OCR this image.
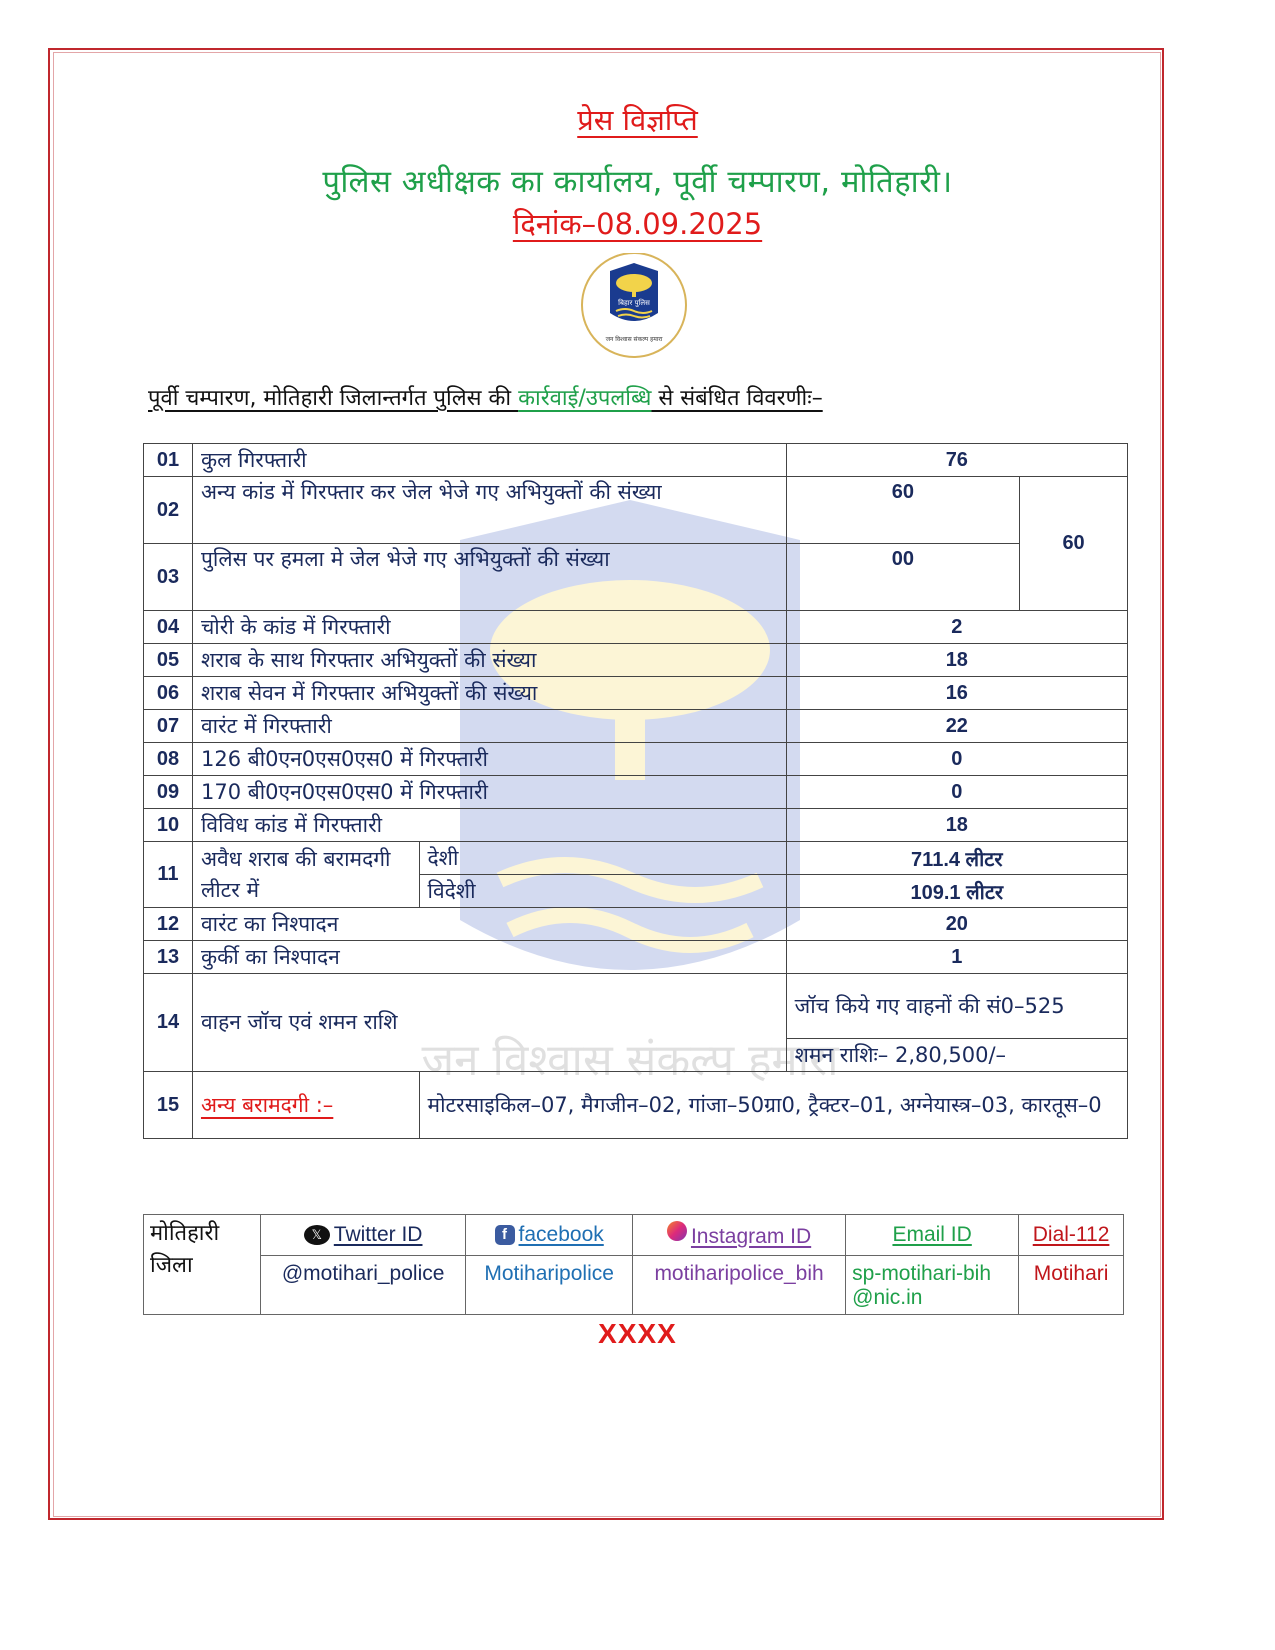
प्रेस विज्ञप्ति
पुलिस अधीक्षक का कार्यालय, पूर्वी चम्पारण, मोतिहारी।
दिनांक–08.09.2025
बिहार पुलिस
जन विश्वास संकल्प हमारा
पूर्वी चम्पारण, मोतिहारी जिलान्तर्गत पुलिस की कार्रवाई/उपलब्धि से संबंधित विवरणीः–
जन विश्वास संकल्प हमारा
01	कुल गिरफ्तारी		76	
02	अन्य कांड में गिरफ्तार कर जेल भेजे गए अभियुक्तों की संख्या		60	60
03	पुलिस पर हमला मे जेल भेजे गए अभियुक्तों की संख्या		00	
04	चोरी के कांड में गिरफ्तारी		2	
05	शराब के साथ गिरफ्तार अभियुक्तों की संख्या		18	
06	शराब सेवन में गिरफ्तार अभियुक्तों की संख्या		16	
07	वारंट में गिरफ्तारी		22	
08	126 बी0एन0एस0एस0 में गिरफ्तारी		0	
09	170 बी0एन0एस0एस0 में गिरफ्तारी		0	
10	विविध कांड में गिरफ्तारी		18	
11	अवैध शराब की बरामदगी लीटर में	देशी	711.4 लीटर	
		विदेशी	109.1 लीटर	
12	वारंट का निश्पादन		20	
13	कुर्की का निश्पादन		1	
14	वाहन जॉच एवं शमन राशि		जॉच किये गए वाहनों की सं0–525	
			शमन राशिः– 2,80,500/–	
15	अन्य बरामदगी :–	मोटरसाइकिल–07, मैगजीन–02, गांजा–50ग्रा0, ट्रैक्टर–01, अग्नेयास्त्र–03, कारतूस–0		
मोतिहारी जिला	𝕏 Twitter ID	f facebook	Instagram ID	Email ID	Dial-112
	@motihari_police	Motiharipolice	motiharipolice_bih	sp-motihari-bih@nic.in	Motihari
XXXX
